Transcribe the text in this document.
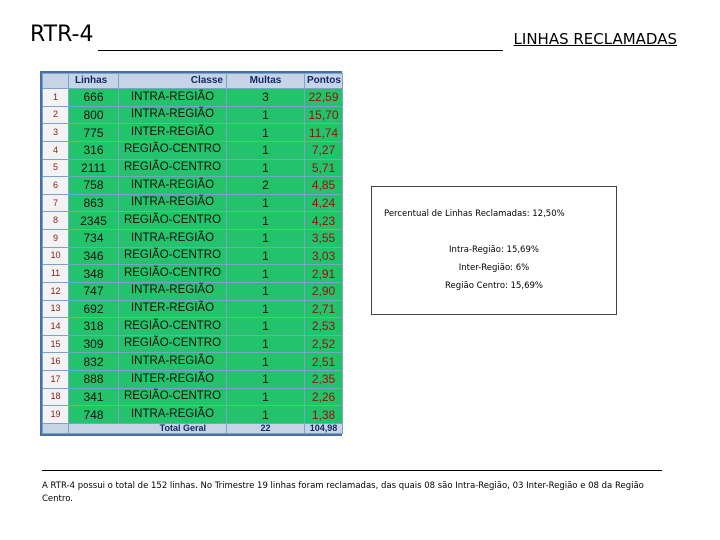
RTR-4	LINHAS RECLAMADAS
	Linhas	Classe	Multas	Pontos
1	666	INTRA-REGIÃO	3	22,59
2	800	INTRA-REGIÃO	1	15,70
3	775	INTER-REGIÃO	1	11,74
4	316	REGIÃO-CENTRO	1	7,27
5	2111	REGIÃO-CENTRO	1	5,71
6	758	INTRA-REGIÃO	2	4,85
7	863	INTRA-REGIÃO	1	4,24
8	2345	REGIÃO-CENTRO	1	4,23
9	734	INTRA-REGIÃO	1	3,55
10	346	REGIÃO-CENTRO	1	3,03
11	348	REGIÃO-CENTRO	1	2,91
12	747	INTRA-REGIÃO	1	2,90
13	692	INTER-REGIÃO	1	2,71
14	318	REGIÃO-CENTRO	1	2,53
15	309	REGIÃO-CENTRO	1	2,52
16	832	INTRA-REGIÃO	1	2,51
17	888	INTER-REGIÃO	1	2,35
18	341	REGIÃO-CENTRO	1	2,26
19	748	INTRA-REGIÃO	1	1,38
	Total Geral		22	104,98
Percentual de Linhas Reclamadas: 12,50%
Intra-Região: 15,69%
Inter-Região: 6%
Região Centro: 15,69%
A RTR-4 possui o total de 152 linhas. No Trimestre 19 linhas foram reclamadas, das quais 08 são Intra-Região, 03 Inter-Região e 08 da Região Centro.
